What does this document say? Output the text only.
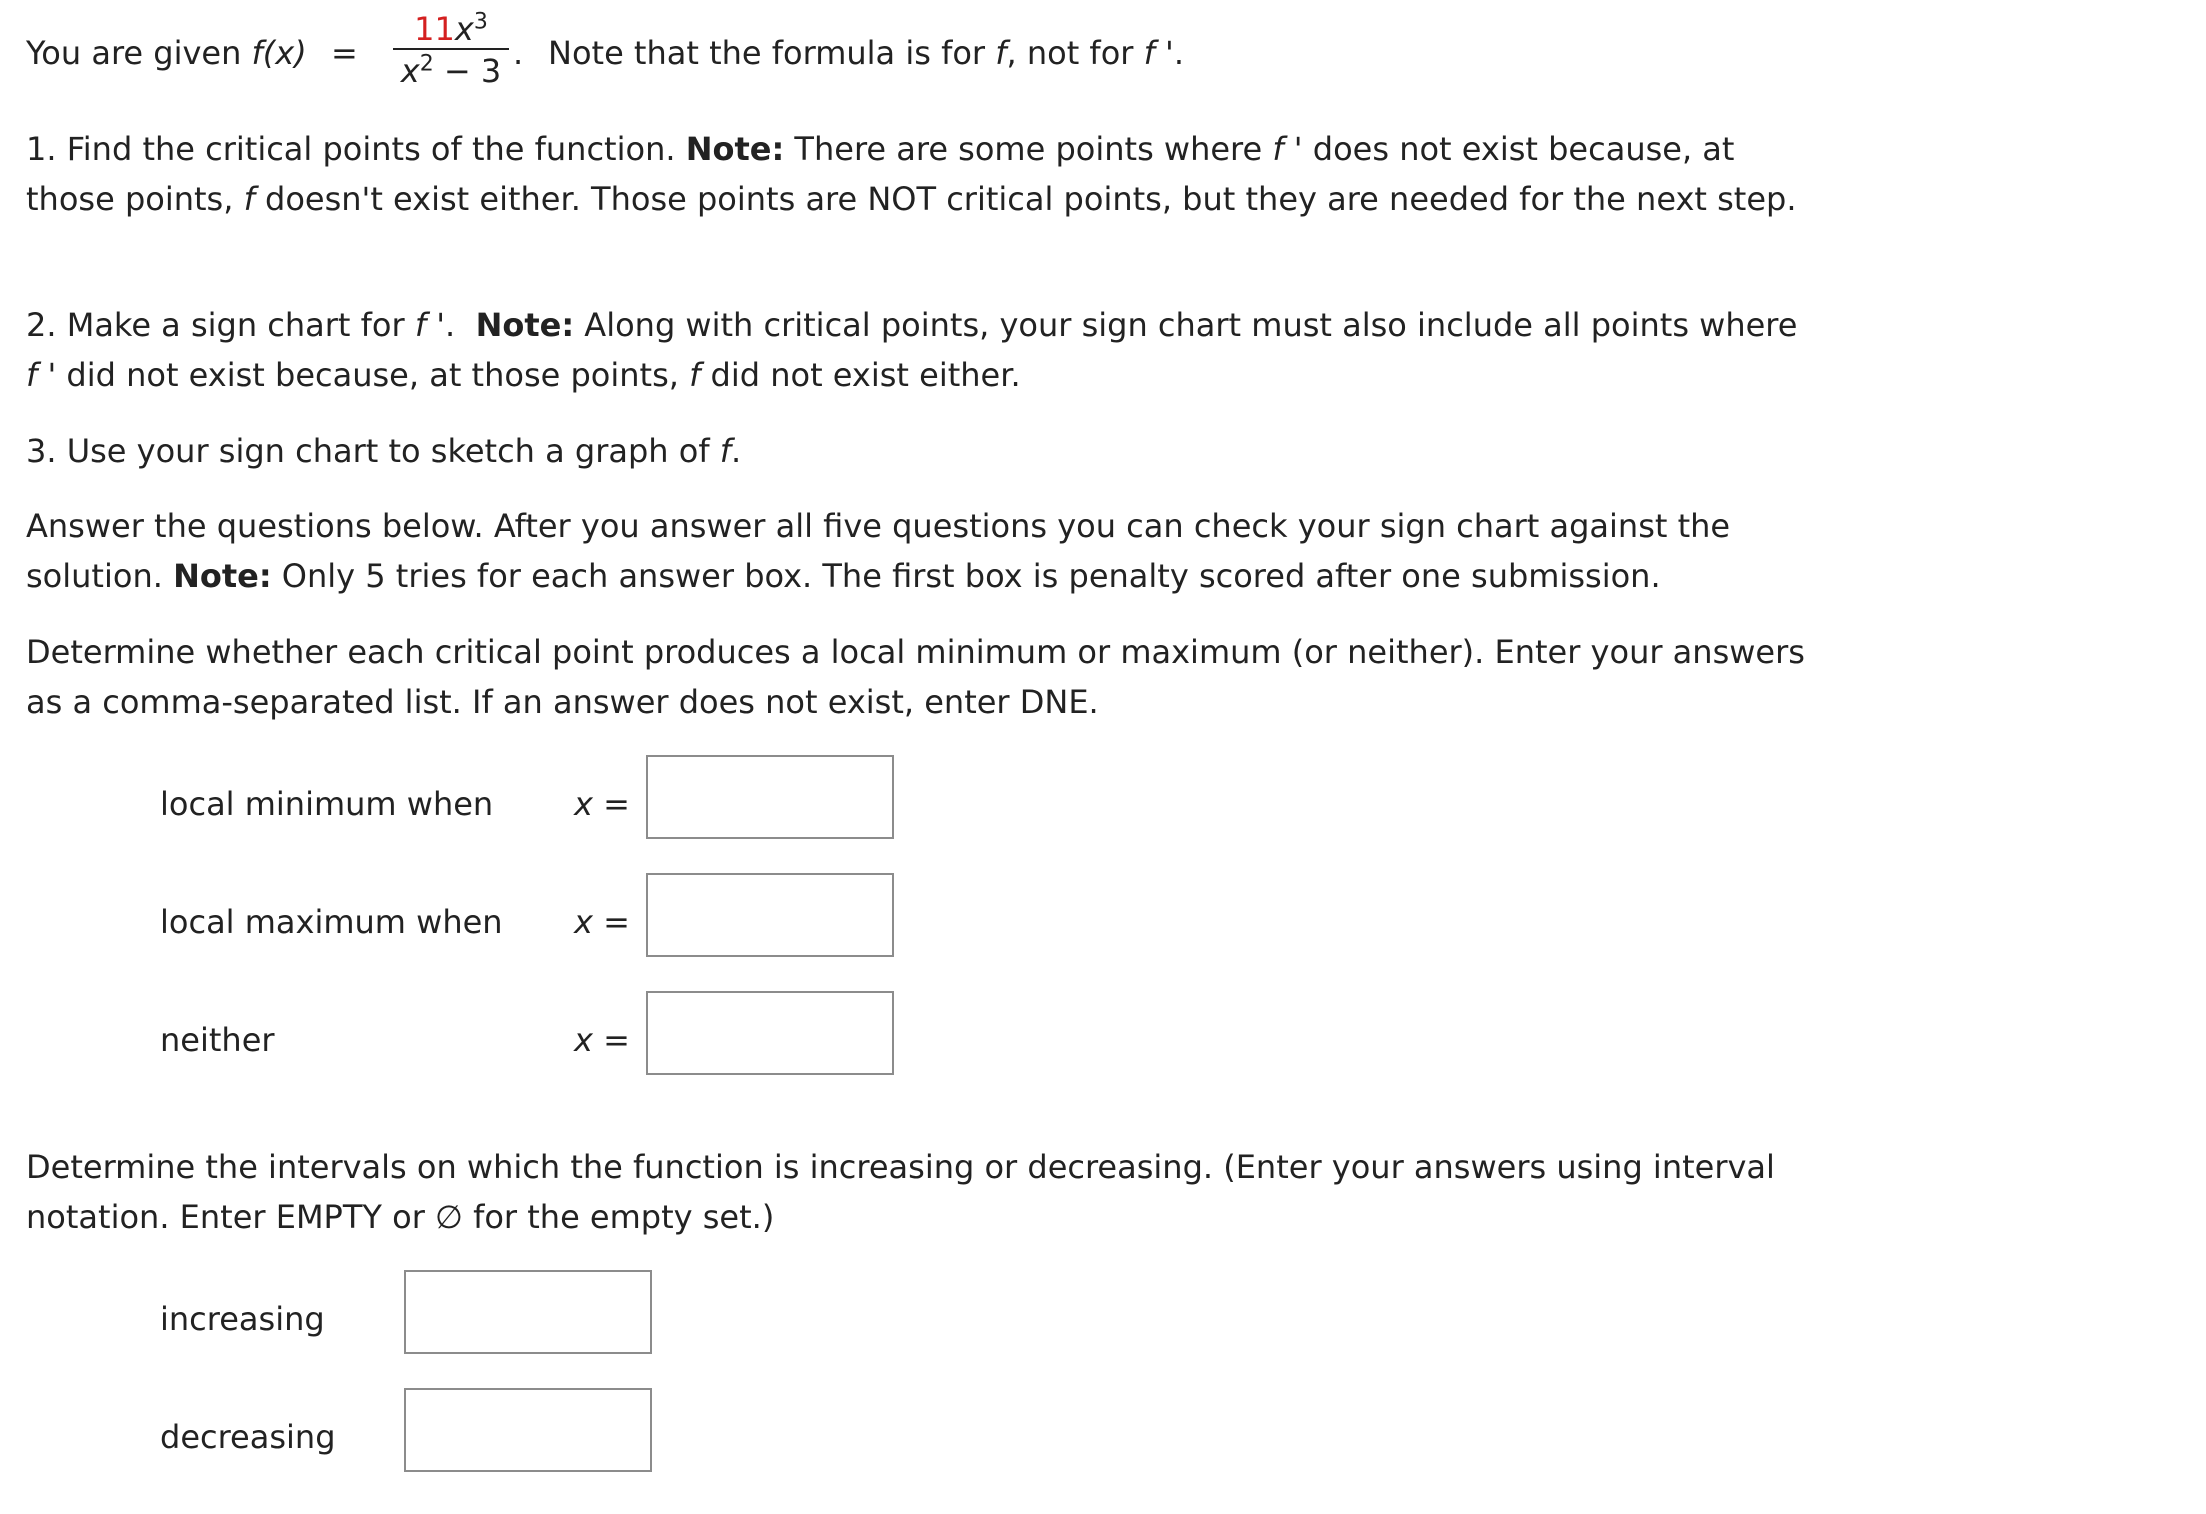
You are given f(x) =
$11x^3$
$x^2 - 3$ . Note that the formula is for f, not for f '.
1. Find the critical points of the function. Note: There are some points where f ' does not exist because, at those points, f doesn't exist either. Those points are NOT critical points, but they are needed for the next step.
2. Make a sign chart for f '.  Note: Along with critical points, your sign chart must also include all points where f ' did not exist because, at those points, f did not exist either.
3. Use your sign chart to sketch a graph of f.
Answer the questions below. After you answer all five questions you can check your sign chart against the solution. Note: Only 5 tries for each answer box. The first box is penalty scored after one submission.
Determine whether each critical point produces a local minimum or maximum (or neither). Enter your answers as a comma-separated list. If an answer does not exist, enter DNE.
local minimum when	x =
local maximum when x =
neither	x =
Determine the intervals on which the function is increasing or decreasing. (Enter your answers using interval notation. Enter EMPTY or ∅ for the empty set.)
increasing
decreasing
